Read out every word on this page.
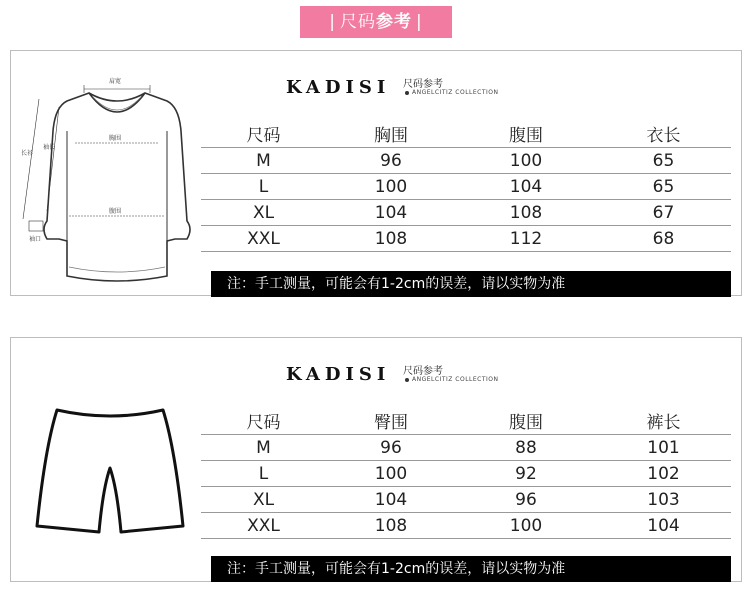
| 尺码参考 |
肩宽
胸围
腹围
长衫
袖长
袖口
KADISI 尺码参考
ANGELCITIZ COLLECTION
尺码	胸围	腹围	衣长
M	96	100	65
L	100	104	65
XL	104	108	67
XXL	108	112	68
注：手工测量，可能会有1-2cm的误差，请以实物为准
KADISI 尺码参考
ANGELCITIZ COLLECTION
尺码	臀围	腹围	裤长
M	96	88	101
L	100	92	102
XL	104	96	103
XXL	108	100	104
注：手工测量，可能会有1-2cm的误差，请以实物为准
